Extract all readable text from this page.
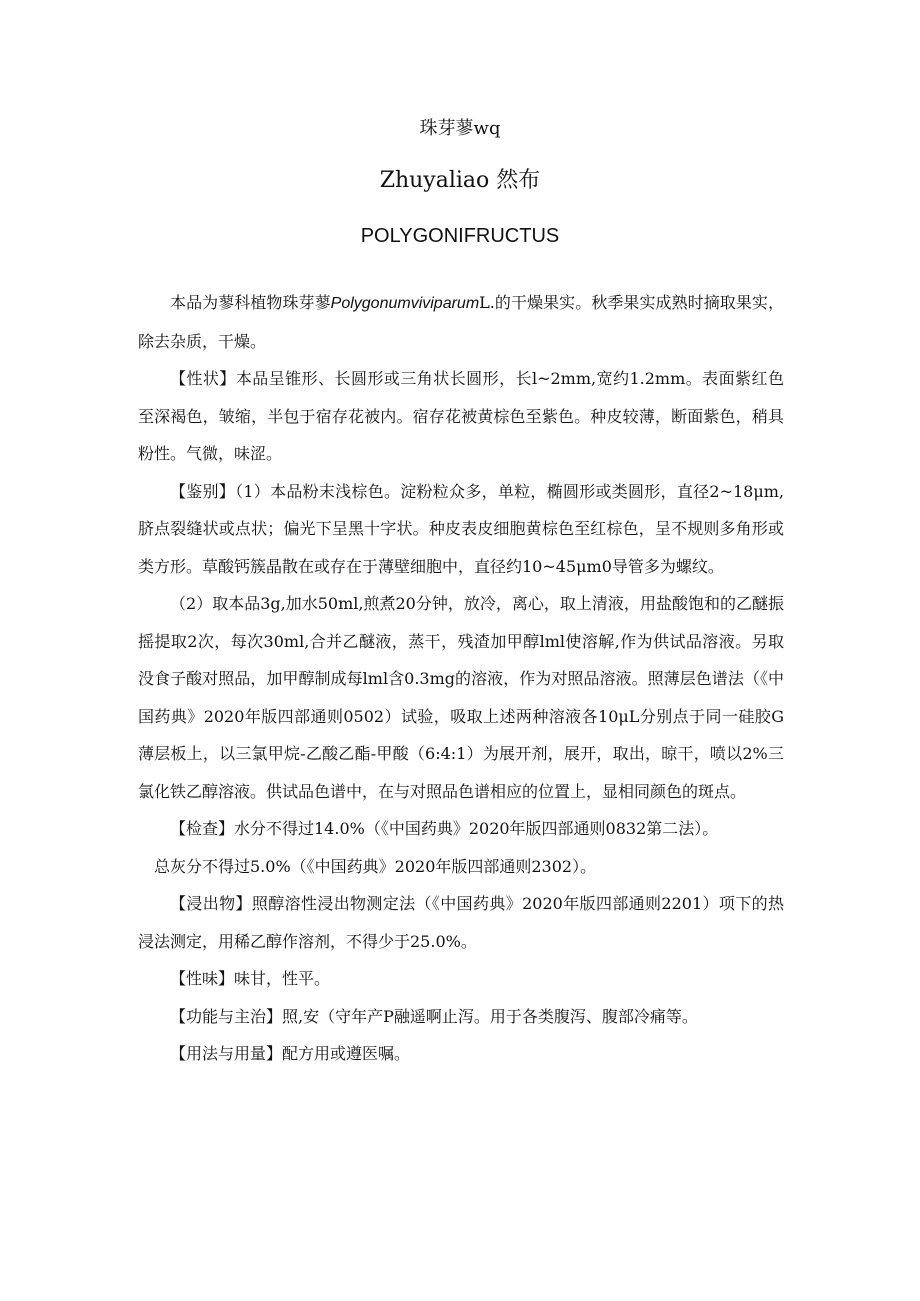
珠芽蓼wq
Zhuyaliao 然布
POLYGONIFRUCTUS

本品为蓼科植物珠芽蓼PolygonumviviparumL.的干燥果实。秋季果实成熟时摘取果实，除去杂质，干燥。

【性状】本品呈锥形、长圆形或三角状长圆形，长l~2mm,宽约1.2mm。表面紫红色至深褐色，皱缩，半包于宿存花被内。宿存花被黄棕色至紫色。种皮较薄，断面紫色，稍具粉性。气微，味涩。

【鉴别】（1）本品粉末浅棕色。淀粉粒众多，单粒，椭圆形或类圆形，直径2~18μm,脐点裂缝状或点状；偏光下呈黑十字状。种皮表皮细胞黄棕色至红棕色，呈不规则多角形或类方形。草酸钙簇晶散在或存在于薄壁细胞中，直径约10~45μm0导管多为螺纹。

（2）取本品3g,加水50ml,煎煮20分钟，放冷，离心，取上清液，用盐酸饱和的乙醚振摇提取2次，每次30ml,合并乙醚液，蒸干，残渣加甲醇lml使溶解,作为供试品溶液。另取没食子酸对照品，加甲醇制成每lml含0.3mg的溶液，作为对照品溶液。照薄层色谱法（《中国药典》2020年版四部通则0502）试验，吸取上述两种溶液各10μL分别点于同一硅胶G薄层板上，以三氯甲烷-乙酸乙酯-甲酸（6:4:1）为展开剂，展开，取出，晾干，喷以2%三氯化铁乙醇溶液。供试品色谱中，在与对照品色谱相应的位置上，显相同颜色的斑点。

【检查】水分不得过14.0%（《中国药典》2020年版四部通则0832第二法）。

总灰分不得过5.0%（《中国药典》2020年版四部通则2302）。

【浸出物】照醇溶性浸出物测定法（《中国药典》2020年版四部通则2201）项下的热浸法测定，用稀乙醇作溶剂，不得少于25.0%。

【性味】味甘，性平。

【功能与主治】照,安（守年产P融遥啊止泻。用于各类腹泻、腹部冷痛等。

【用法与用量】配方用或遵医嘱。
